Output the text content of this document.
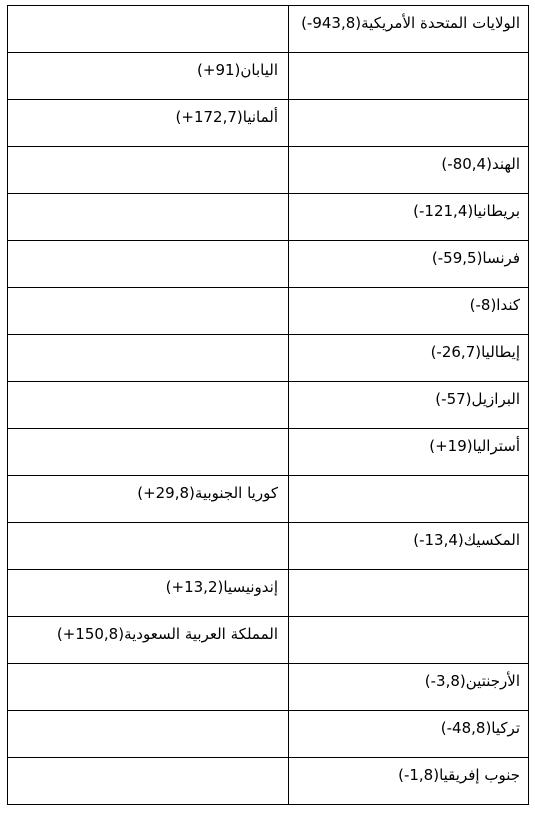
الولايات المتحدة الأمريكية(943,8-)	

	اليابان(91+)

	ألمانيا(172,7+)

الهند(80,4-)	

بريطانيا(121,4-)	

فرنسا(59,5-)	

كندا(8-)	

إيطاليا(26,7-)	

البرازيل(57-)	

أستراليا(19+)	

	كوريا الجنوبية(29,8+)

المكسيك(13,4-)	

	إندونيسيا(13,2+)

	المملكة العربية السعودية(150,8+)

الأرجنتين(3,8-)	

تركيا(48,8-)	

جنوب إفريقيا(1,8-)	
